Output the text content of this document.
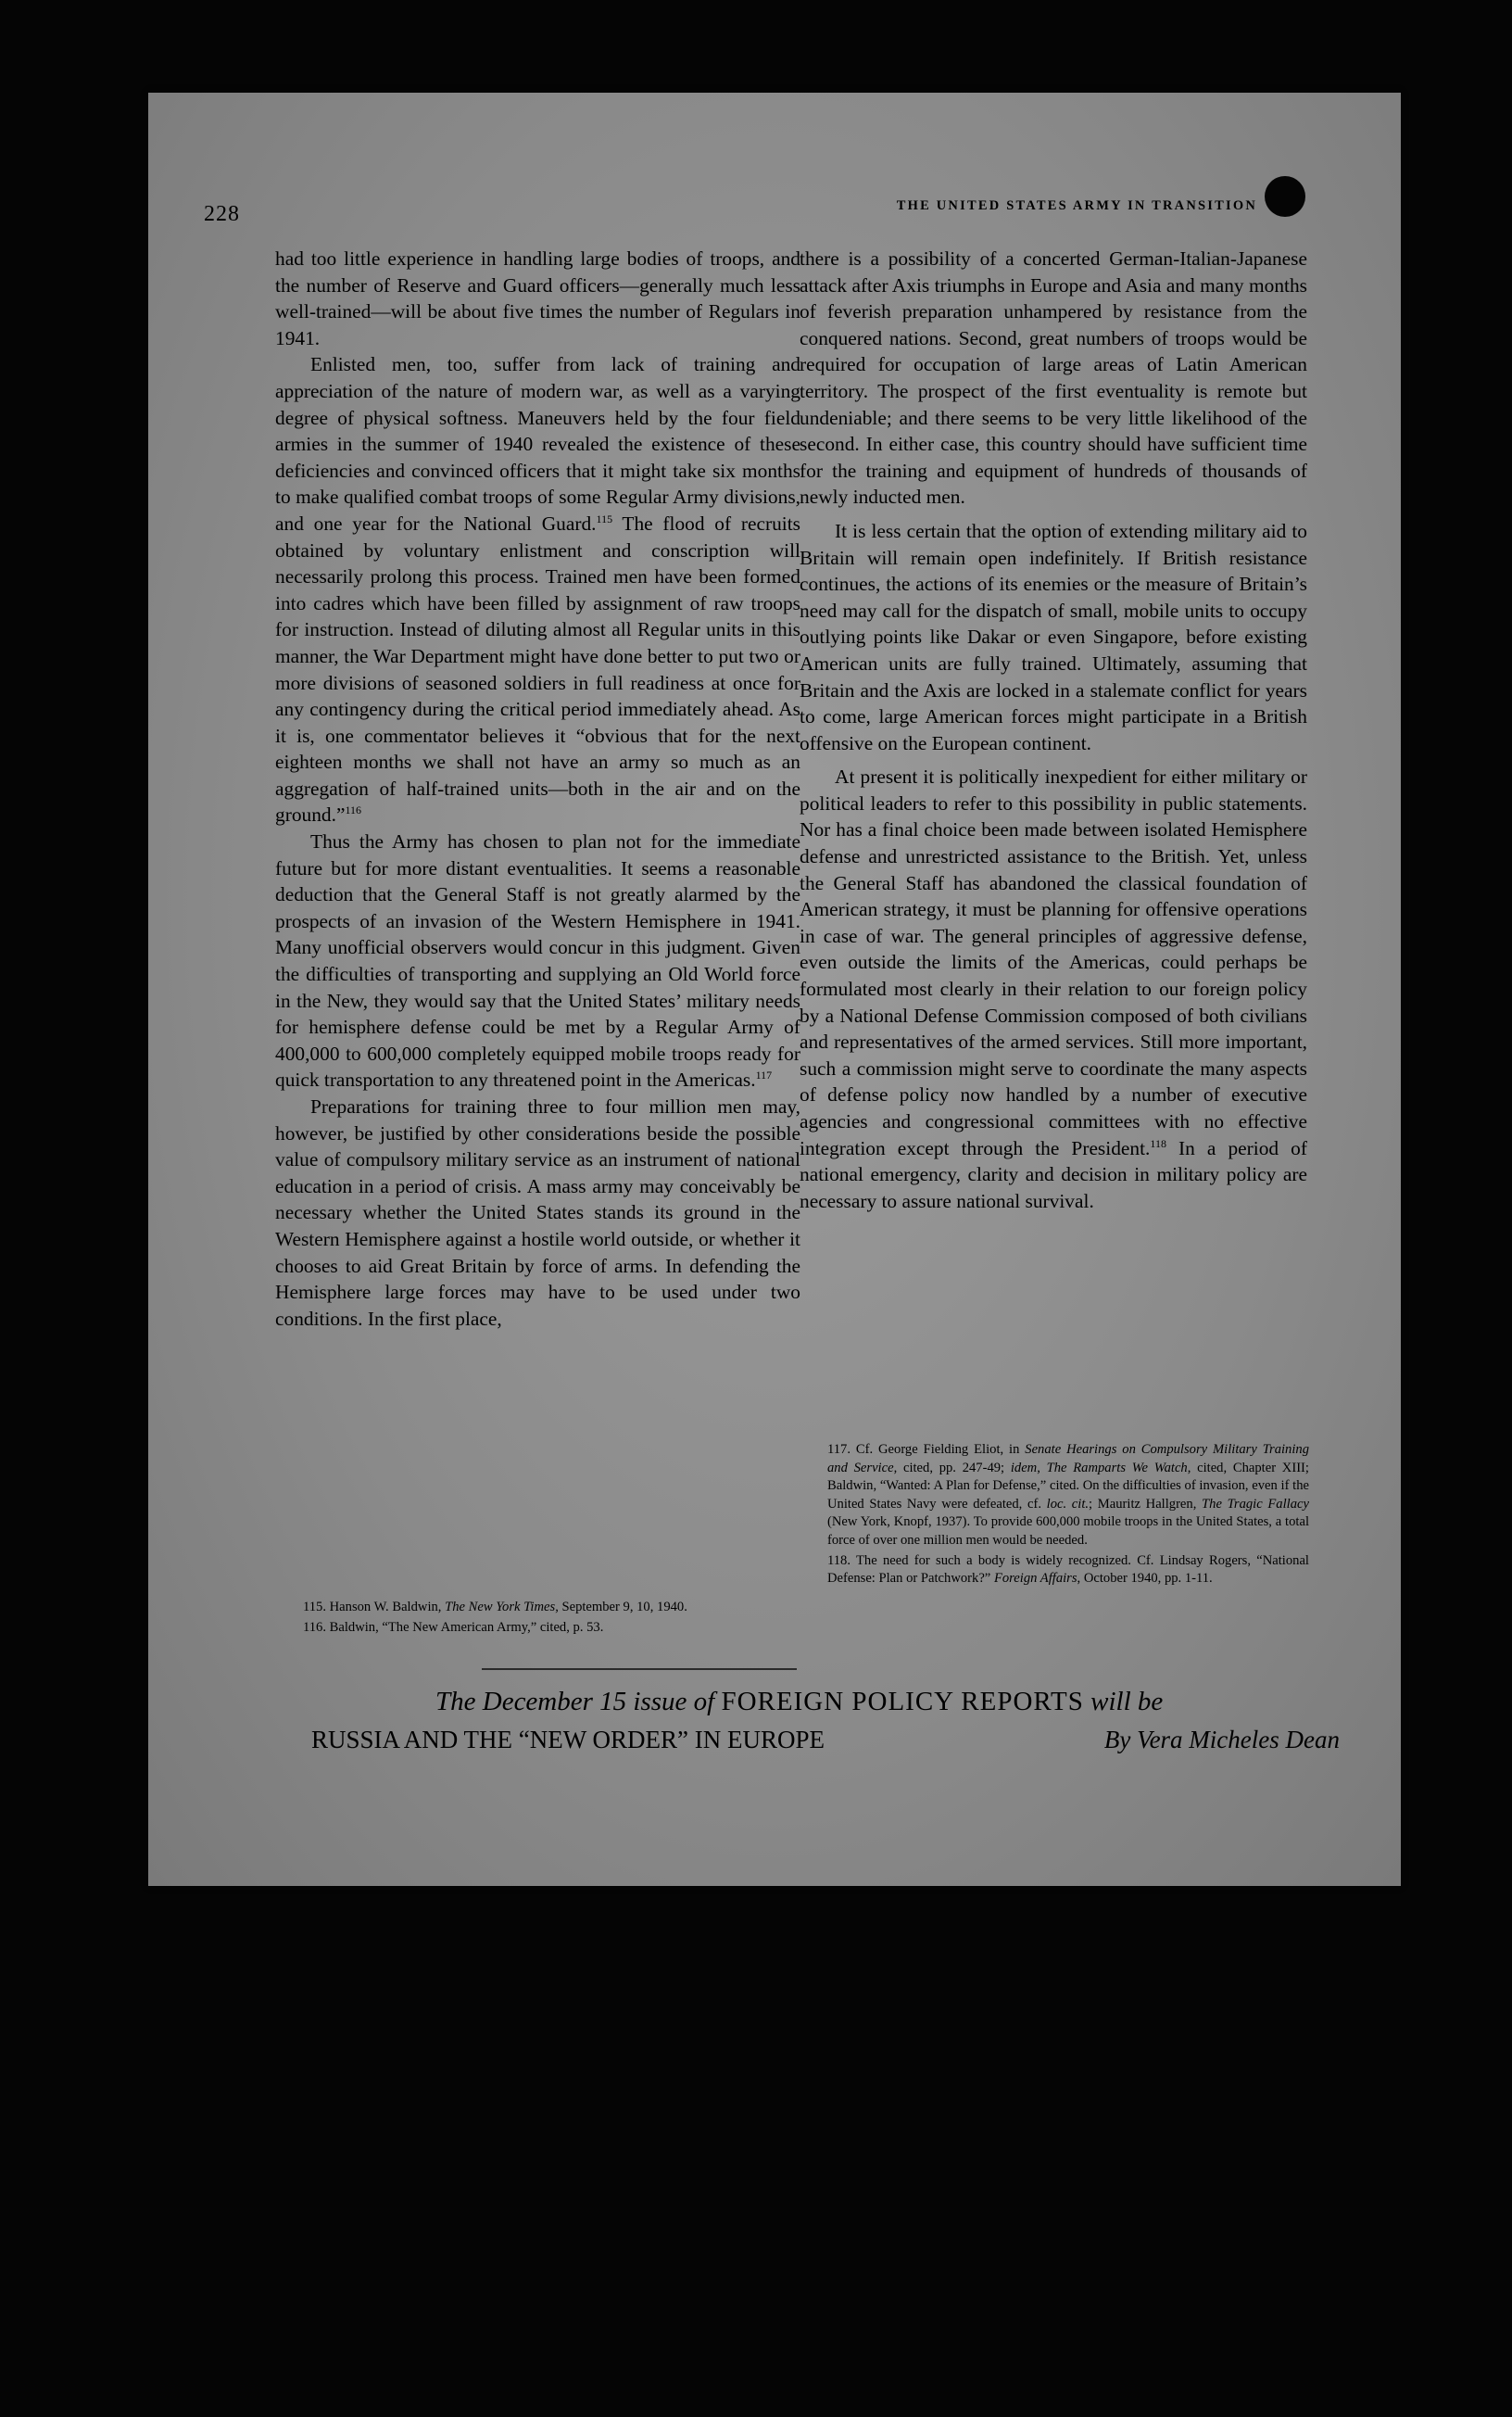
228	THE UNITED STATES ARMY IN TRANSITION

had too little experience in handling large bodies of troops, and the number of Reserve and Guard officers—generally much less well-trained—will be about five times the number of Regulars in 1941.

Enlisted men, too, suffer from lack of training and appreciation of the nature of modern war, as well as a varying degree of physical softness. Maneuvers held by the four field armies in the summer of 1940 revealed the existence of these deficiencies and convinced officers that it might take six months to make qualified combat troops of some Regular Army divisions, and one year for the National Guard.$^{115}$ The flood of recruits obtained by voluntary enlistment and conscription will necessarily prolong this process. Trained men have been formed into cadres which have been filled by assignment of raw troops for instruction. Instead of diluting almost all Regular units in this manner, the War Department might have done better to put two or more divisions of seasoned soldiers in full readiness at once for any contingency during the critical period immediately ahead. As it is, one commentator believes it “obvious that for the next eighteen months we shall not have an army so much as an aggregation of half-trained units—both in the air and on the ground.”$^{116}$

Thus the Army has chosen to plan not for the immediate future but for more distant eventualities. It seems a reasonable deduction that the General Staff is not greatly alarmed by the prospects of an invasion of the Western Hemisphere in 1941. Many unofficial observers would concur in this judgment. Given the difficulties of transporting and supplying an Old World force in the New, they would say that the United States’ military needs for hemisphere defense could be met by a Regular Army of 400,000 to 600,000 completely equipped mobile troops ready for quick transportation to any threatened point in the Americas.$^{117}$

Preparations for training three to four million men may, however, be justified by other considerations beside the possible value of compulsory military service as an instrument of national education in a period of crisis. A mass army may conceivably be necessary whether the United States stands its ground in the Western Hemisphere against a hostile world outside, or whether it chooses to aid Great Britain by force of arms. In defending the Hemisphere large forces may have to be used under two conditions. In the first place,

there is a possibility of a concerted German-Italian-Japanese attack after Axis triumphs in Europe and Asia and many months of feverish preparation unhampered by resistance from the conquered nations. Second, great numbers of troops would be required for occupation of large areas of Latin American territory. The prospect of the first eventuality is remote but undeniable; and there seems to be very little likelihood of the second. In either case, this country should have sufficient time for the training and equipment of hundreds of thousands of newly inducted men.

It is less certain that the option of extending military aid to Britain will remain open indefinitely. If British resistance continues, the actions of its enemies or the measure of Britain’s need may call for the dispatch of small, mobile units to occupy outlying points like Dakar or even Singapore, before existing American units are fully trained. Ultimately, assuming that Britain and the Axis are locked in a stalemate conflict for years to come, large American forces might participate in a British offensive on the European continent.

At present it is politically inexpedient for either military or political leaders to refer to this possibility in public statements. Nor has a final choice been made between isolated Hemisphere defense and unrestricted assistance to the British. Yet, unless the General Staff has abandoned the classical foundation of American strategy, it must be planning for offensive operations in case of war. The general principles of aggressive defense, even outside the limits of the Americas, could perhaps be formulated most clearly in their relation to our foreign policy by a National Defense Commission composed of both civilians and representatives of the armed services. Still more important, such a commission might serve to coordinate the many aspects of defense policy now handled by a number of executive agencies and congressional committees with no effective integration except through the President.$^{118}$ In a period of national emergency, clarity and decision in military policy are necessary to assure national survival.

117. Cf. George Fielding Eliot, in Senate Hearings on Compulsory Military Training and Service, cited, pp. 247-49; idem, The Ramparts We Watch, cited, Chapter XIII; Baldwin, “Wanted: A Plan for Defense,” cited. On the difficulties of invasion, even if the United States Navy were defeated, cf. loc. cit.; Mauritz Hallgren, The Tragic Fallacy (New York, Knopf, 1937). To provide 600,000 mobile troops in the United States, a total force of over one million men would be needed.

118. The need for such a body is widely recognized. Cf. Lindsay Rogers, “National Defense: Plan or Patchwork?” Foreign Affairs, October 1940, pp. 1-11.

115. Hanson W. Baldwin, The New York Times, September 9, 10, 1940.

116. Baldwin, “The New American Army,” cited, p. 53.

The December 15 issue of FOREIGN POLICY REPORTS will be
RUSSIA AND THE “NEW ORDER” IN EUROPE	By Vera Micheles Dean
